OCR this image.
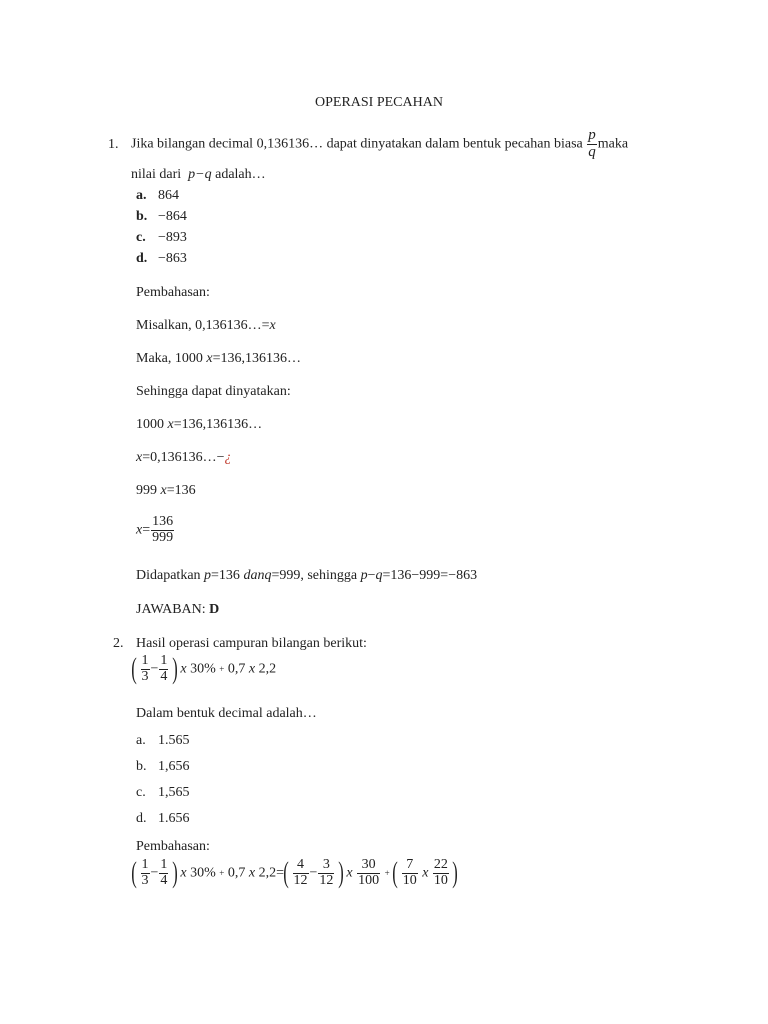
OPERASI PECAHAN
1. Jika bilangan decimal 0,136136… dapat dinyatakan dalam bentuk pecahan biasa $\frac{p}{q}$ maka
nilai dari p−q adalah…
a. 864
b. −864
c. −893
d. −863
Pembahasan:
Misalkan, 0,136136…=x
Maka, 1000 x=136,136136…
Sehingga dapat dinyatakan:
1000 x=136,136136…
x=0,136136…−¿
999 x=136
$x= \frac{136}{999}$
Didapatkan p=136 danq=999, sehingga p−q=136−999=−863
JAWABAN: D
2. Hasil operasi campuran bilangan berikut:
( $\frac{1}{3} - \frac{1}{4}$ ) x 30% + 0,7 x 2,2
Dalam bentuk decimal adalah…
a. 1.565
b. 1,656
c. 1,565
d. 1.656
Pembahasan:
( $\frac{1}{3} - \frac{1}{4}$ ) x 30% + 0,7 x $2,2=( \frac{4}{12} - \frac{3}{12}$ ) x $\frac{30}{100}$ + ( $\frac{7}{10}$ x $\frac{22}{10}$ )
